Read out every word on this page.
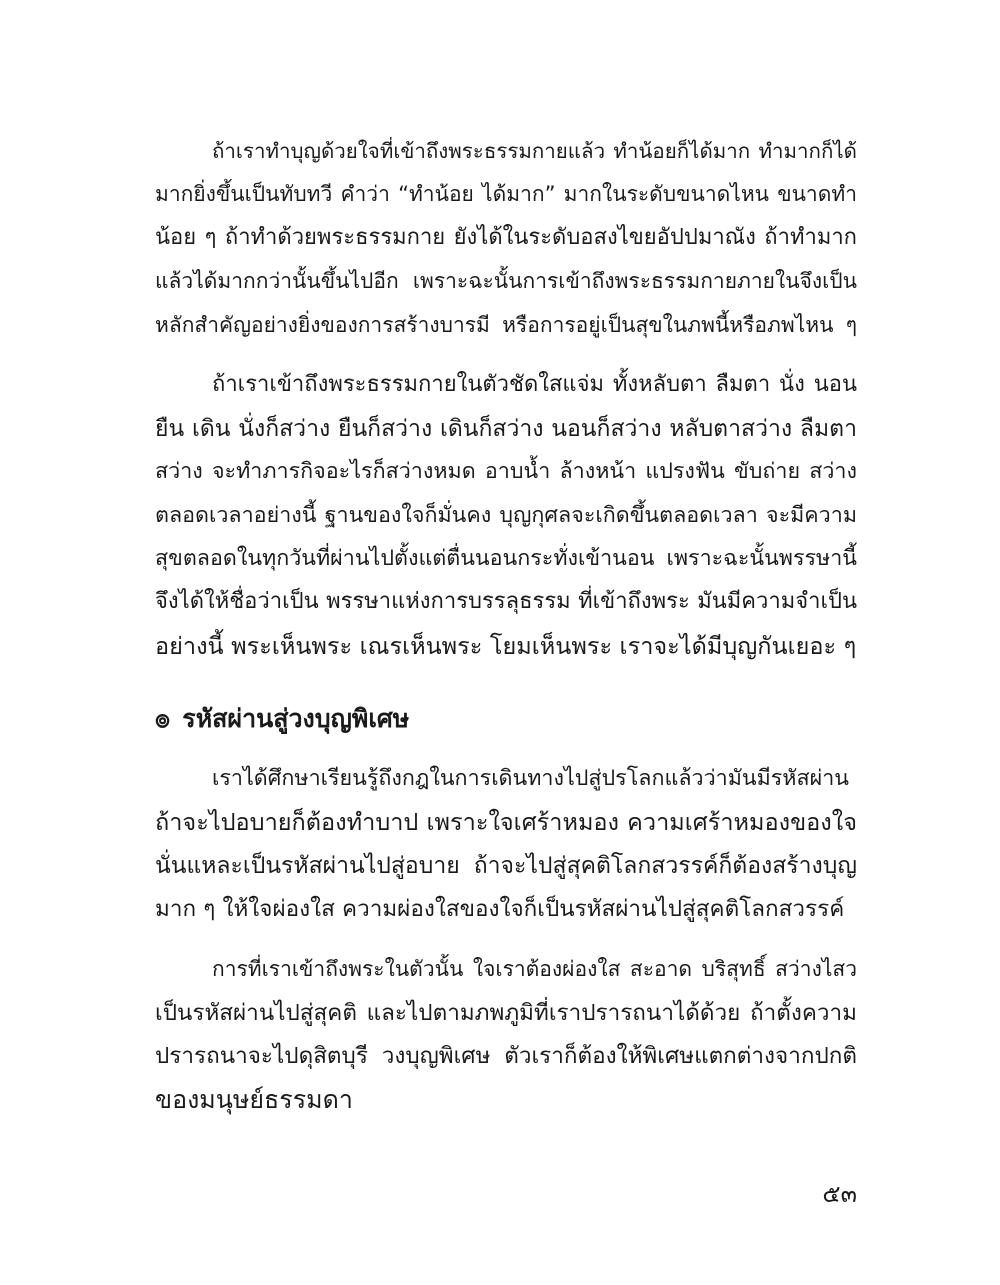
ถ้าเราทำบุญด้วยใจที่เข้าถึงพระธรรมกายแล้ว ทำน้อยก็ได้มาก ทำมากก็ได้
มากยิ่งขึ้นเป็นทับทวี คำว่า “ทำน้อย ได้มาก” มากในระดับขนาดไหน ขนาดทำ
น้อย ๆ ถ้าทำด้วยพระธรรมกาย ยังได้ในระดับอสงไขยอัปปมาณัง ถ้าทำมาก
แล้วได้มากกว่านั้นขึ้นไปอีก เพราะฉะนั้นการเข้าถึงพระธรรมกายภายในจึงเป็น
หลักสำคัญอย่างยิ่งของการสร้างบารมี หรือการอยู่เป็นสุขในภพนี้หรือภพไหน ๆ
ถ้าเราเข้าถึงพระธรรมกายในตัวชัดใสแจ่ม ทั้งหลับตา ลืมตา นั่ง นอน
ยืน เดิน นั่งก็สว่าง ยืนก็สว่าง เดินก็สว่าง นอนก็สว่าง หลับตาสว่าง ลืมตา
สว่าง จะทำภารกิจอะไรก็สว่างหมด อาบน้ำ ล้างหน้า แปรงฟัน ขับถ่าย สว่าง
ตลอดเวลาอย่างนี้ ฐานของใจก็มั่นคง บุญกุศลจะเกิดขึ้นตลอดเวลา จะมีความ
สุขตลอดในทุกวันที่ผ่านไปตั้งแต่ตื่นนอนกระทั่งเข้านอน เพราะฉะนั้นพรรษานี้
จึงได้ให้ชื่อว่าเป็น พรรษาแห่งการบรรลุธรรม ที่เข้าถึงพระ มันมีความจำเป็น
อย่างนี้ พระเห็นพระ เณรเห็นพระ โยมเห็นพระ เราจะได้มีบุญกันเยอะ ๆ
๏ รหัสผ่านสู่วงบุญพิเศษ
เราได้ศึกษาเรียนรู้ถึงกฎในการเดินทางไปสู่ปรโลกแล้วว่ามันมีรหัสผ่าน
ถ้าจะไปอบายก็ต้องทำบาป เพราะใจเศร้าหมอง ความเศร้าหมองของใจ
นั่นแหละเป็นรหัสผ่านไปสู่อบาย ถ้าจะไปสู่สุคติโลกสวรรค์ก็ต้องสร้างบุญ
มาก ๆ ให้ใจผ่องใส ความผ่องใสของใจก็เป็นรหัสผ่านไปสู่สุคติโลกสวรรค์
การที่เราเข้าถึงพระในตัวนั้น ใจเราต้องผ่องใส สะอาด บริสุทธิ์ สว่างไสว
เป็นรหัสผ่านไปสู่สุคติ และไปตามภพภูมิที่เราปรารถนาได้ด้วย ถ้าตั้งความ
ปรารถนาจะไปดุสิตบุรี วงบุญพิเศษ ตัวเราก็ต้องให้พิเศษแตกต่างจากปกติ
ของมนุษย์ธรรมดา
๕๓
